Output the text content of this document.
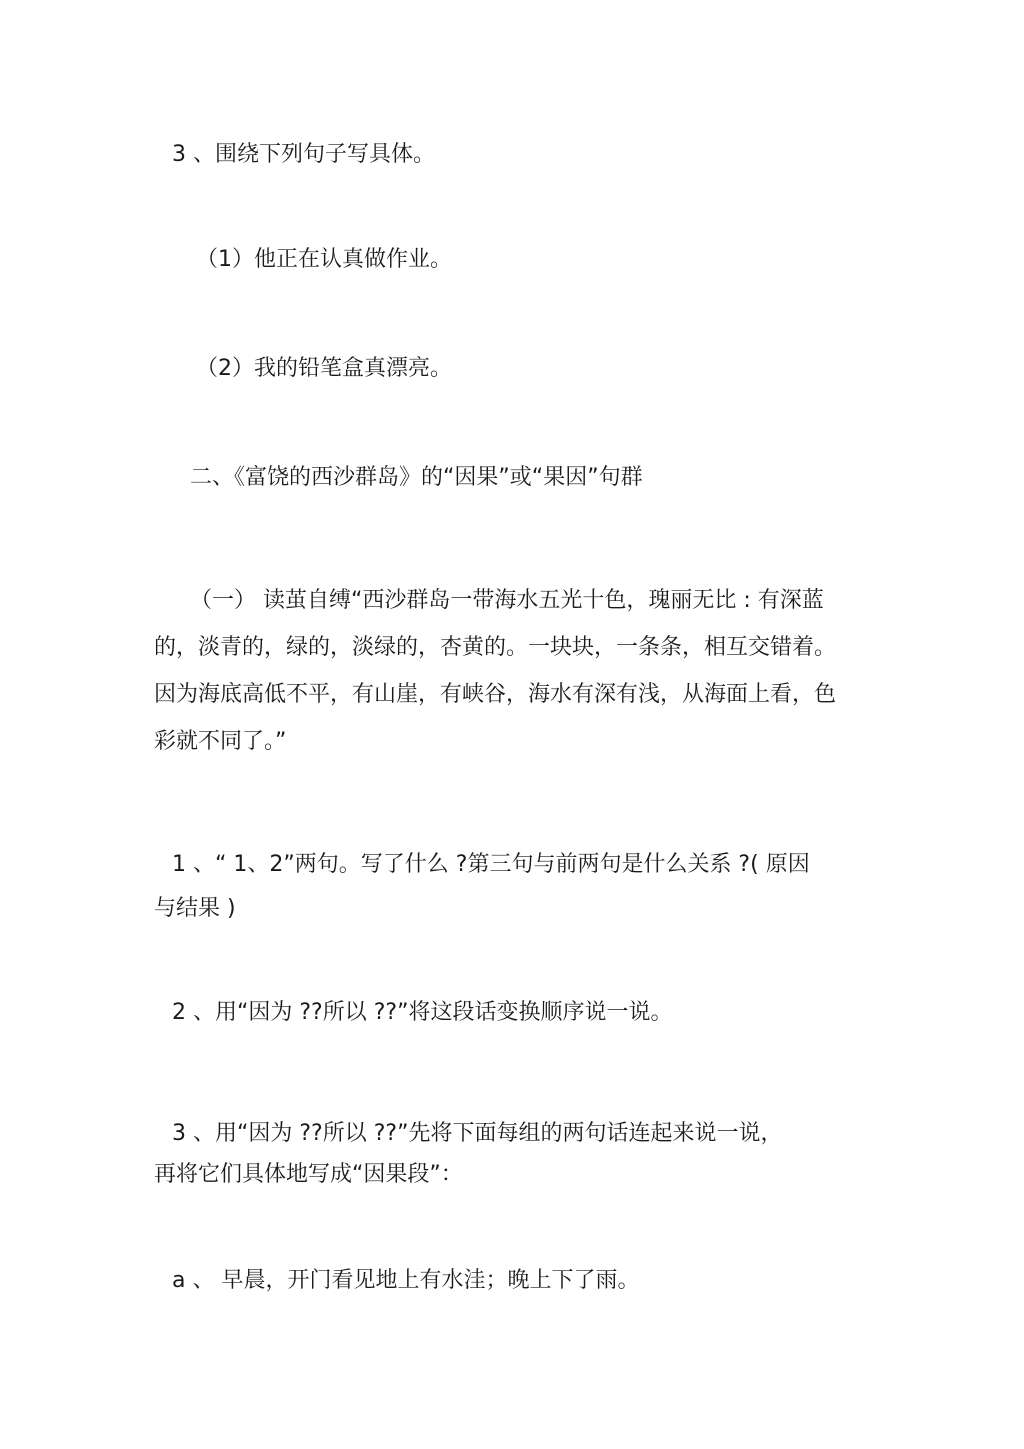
3 、围绕下列句子写具体。
（1）他正在认真做作业。
（2）我的铅笔盒真漂亮。
二、《富饶的西沙群岛》的“因果”或“果因”句群
（一） 读茧自缚“西沙群岛一带海水五光十色，瑰丽无比 : 有深蓝
的，淡青的，绿的，淡绿的，杏黄的。一块块，一条条，相互交错着。
因为海底高低不平，有山崖，有峡谷，海水有深有浅，从海面上看，色
彩就不同了。”
1 、“ 1、2”两句。写了什么 ?第三句与前两句是什么关系 ?( 原因
与结果 )
2 、用“因为 ??所以 ??”将这段话变换顺序说一说。
3 、用“因为 ??所以 ??”先将下面每组的两句话连起来说一说，
再将它们具体地写成“因果段”：
a 、 早晨，开门看见地上有水洼；晚上下了雨。
